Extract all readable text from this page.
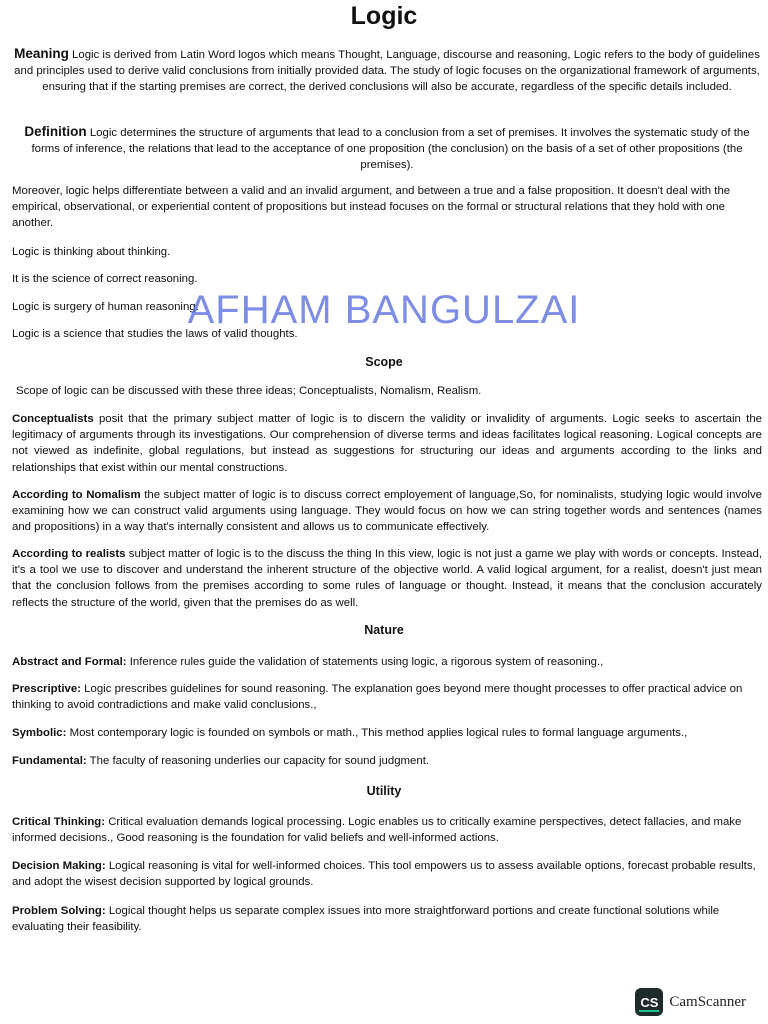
Logic
Meaning Logic is derived from Latin Word logos which means Thought, Language, discourse and reasoning, Logic refers to the body of guidelines and principles used to derive valid conclusions from initially provided data. The study of logic focuses on the organizational framework of arguments, ensuring that if the starting premises are correct, the derived conclusions will also be accurate, regardless of the specific details included.
Definition Logic determines the structure of arguments that lead to a conclusion from a set of premises. It involves the systematic study of the forms of inference, the relations that lead to the acceptance of one proposition (the conclusion) on the basis of a set of other propositions (the premises).
Moreover, logic helps differentiate between a valid and an invalid argument, and between a true and a false proposition. It doesn't deal with the empirical, observational, or experiential content of propositions but instead focuses on the formal or structural relations that they hold with one another.
Logic is thinking about thinking.
It is the science of correct reasoning.
Logic is surgery of human reasoning.
Logic is a science that studies the laws of valid thoughts.
AFHAM BANGULZAI
Scope
Scope of logic can be discussed with these three ideas; Conceptualists, Nomalism, Realism.
Conceptualists posit that the primary subject matter of logic is to discern the validity or invalidity of arguments. Logic seeks to ascertain the legitimacy of arguments through its investigations. Our comprehension of diverse terms and ideas facilitates logical reasoning. Logical concepts are not viewed as indefinite, global regulations, but instead as suggestions for structuring our ideas and arguments according to the links and relationships that exist within our mental constructions.
According to Nomalism the subject matter of logic is to discuss correct employement of language,So, for nominalists, studying logic would involve examining how we can construct valid arguments using language. They would focus on how we can string together words and sentences (names and propositions) in a way that's internally consistent and allows us to communicate effectively.
According to realists subject matter of logic is to the discuss the thing In this view, logic is not just a game we play with words or concepts. Instead, it's a tool we use to discover and understand the inherent structure of the objective world. A valid logical argument, for a realist, doesn't just mean that the conclusion follows from the premises according to some rules of language or thought. Instead, it means that the conclusion accurately reflects the structure of the world, given that the premises do as well.
Nature
Abstract and Formal: Inference rules guide the validation of statements using logic, a rigorous system of reasoning.,
Prescriptive: Logic prescribes guidelines for sound reasoning. The explanation goes beyond mere thought processes to offer practical advice on thinking to avoid contradictions and make valid conclusions.,
Symbolic: Most contemporary logic is founded on symbols or math., This method applies logical rules to formal language arguments.,
Fundamental: The faculty of reasoning underlies our capacity for sound judgment.
Utility
Critical Thinking: Critical evaluation demands logical processing. Logic enables us to critically examine perspectives, detect fallacies, and make informed decisions., Good reasoning is the foundation for valid beliefs and well-informed actions.
Decision Making: Logical reasoning is vital for well-informed choices. This tool empowers us to assess available options, forecast probable results, and adopt the wisest decision supported by logical grounds.
Problem Solving: Logical thought helps us separate complex issues into more straightforward portions and create functional solutions while evaluating their feasibility.
CS CamScanner
